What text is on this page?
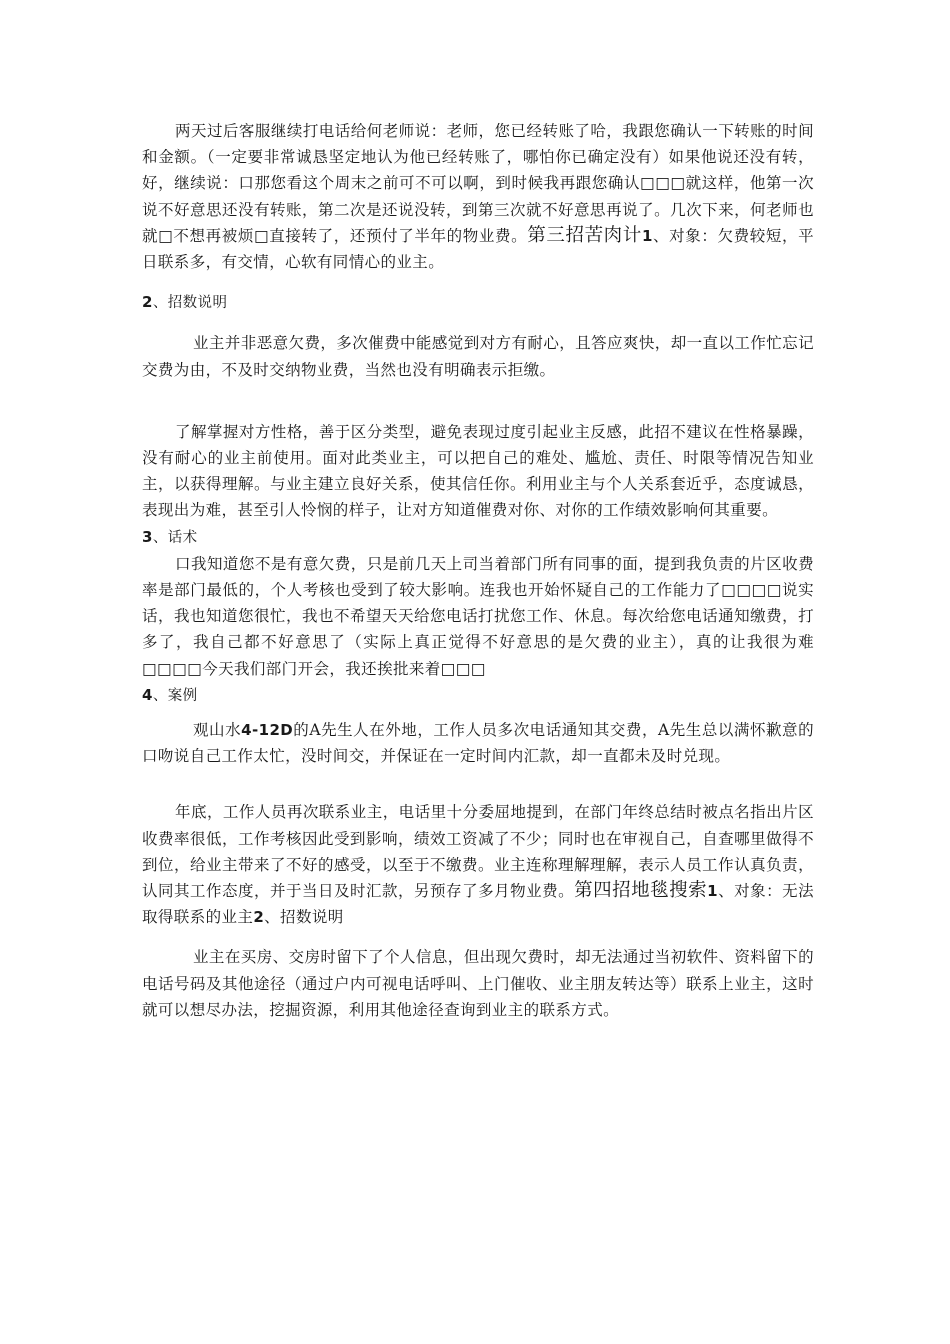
两天过后客服继续打电话给何老师说：老师，您已经转账了哈，我跟您确认一下转账的时间和金额。（一定要非常诚恳坚定地认为他已经转账了，哪怕你已确定没有）如果他说还没有转，好，继续说：口那您看这个周末之前可不可以啊，到时候我再跟您确认□□□就这样，他第一次说不好意思还没有转账，第二次是还说没转，到第三次就不好意思再说了。几次下来，何老师也就□不想再被烦□直接转了，还预付了半年的物业费。第三招苦肉计1、对象：欠费较短，平日联系多，有交情，心软有同情心的业主。

2、招数说明

业主并非恶意欠费，多次催费中能感觉到对方有耐心，且答应爽快，却一直以工作忙忘记交费为由，不及时交纳物业费，当然也没有明确表示拒缴。

了解掌握对方性格，善于区分类型，避免表现过度引起业主反感，此招不建议在性格暴躁，没有耐心的业主前使用。面对此类业主，可以把自己的难处、尴尬、责任、时限等情况告知业主，以获得理解。与业主建立良好关系，使其信任你。利用业主与个人关系套近乎，态度诚恳，表现出为难，甚至引人怜悯的样子，让对方知道催费对你、对你的工作绩效影响何其重要。

3、话术

口我知道您不是有意欠费，只是前几天上司当着部门所有同事的面，提到我负责的片区收费率是部门最低的，个人考核也受到了较大影响。连我也开始怀疑自己的工作能力了□□□□说实话，我也知道您很忙，我也不希望天天给您电话打扰您工作、休息。每次给您电话通知缴费，打多了，我自己都不好意思了（实际上真正觉得不好意思的是欠费的业主），真的让我很为难□□□□今天我们部门开会，我还挨批来着□□□

4、案例

观山水4-12D的A先生人在外地，工作人员多次电话通知其交费，A先生总以满怀歉意的口吻说自己工作太忙，没时间交，并保证在一定时间内汇款，却一直都未及时兑现。

年底，工作人员再次联系业主，电话里十分委屈地提到，在部门年终总结时被点名指出片区收费率很低，工作考核因此受到影响，绩效工资减了不少；同时也在审视自己，自查哪里做得不到位，给业主带来了不好的感受，以至于不缴费。业主连称理解理解，表示人员工作认真负责，认同其工作态度，并于当日及时汇款，另预存了多月物业费。第四招地毯搜索1、对象：无法取得联系的业主2、招数说明

业主在买房、交房时留下了个人信息，但出现欠费时，却无法通过当初软件、资料留下的电话号码及其他途径（通过户内可视电话呼叫、上门催收、业主朋友转达等）联系上业主，这时就可以想尽办法，挖掘资源，利用其他途径查询到业主的联系方式。
